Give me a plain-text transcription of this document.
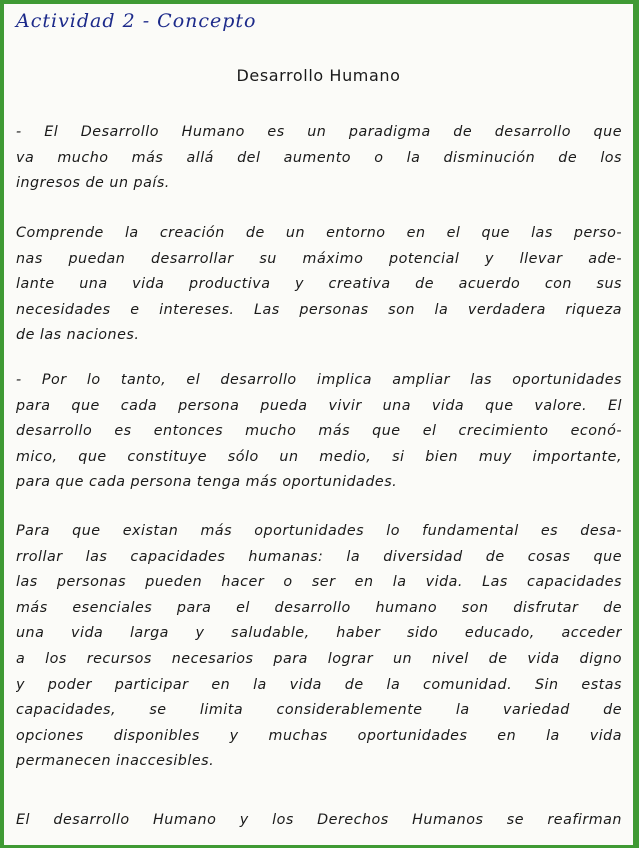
Actividad 2 - Concepto
Desarrollo Humano
- El Desarrollo Humano es un paradigma de desarrollo que
va mucho más allá del aumento o la disminución de los
ingresos de un país.
Comprende la creación de un entorno en el que las perso-
nas puedan desarrollar su máximo potencial y llevar ade-
lante una vida productiva y creativa de acuerdo con sus
necesidades e intereses. Las personas son la verdadera riqueza
de las naciones.
- Por lo tanto, el desarrollo implica ampliar las oportunidades
para que cada persona pueda vivir una vida que valore. El
desarrollo es entonces mucho más que el crecimiento econó-
mico, que constituye sólo un medio, si bien muy importante,
para que cada persona tenga más oportunidades.
Para que existan más oportunidades lo fundamental es desa-
rrollar las capacidades humanas: la diversidad de cosas que
las personas pueden hacer o ser en la vida. Las capacidades
más esenciales para el desarrollo humano son disfrutar de
una vida larga y saludable, haber sido educado, acceder
a los recursos necesarios para lograr un nivel de vida digno
y poder participar en la vida de la comunidad. Sin estas
capacidades, se limita considerablemente la variedad de
opciones disponibles y muchas oportunidades en la vida
permanecen inaccesibles.
El desarrollo Humano y los Derechos Humanos se reafirman
